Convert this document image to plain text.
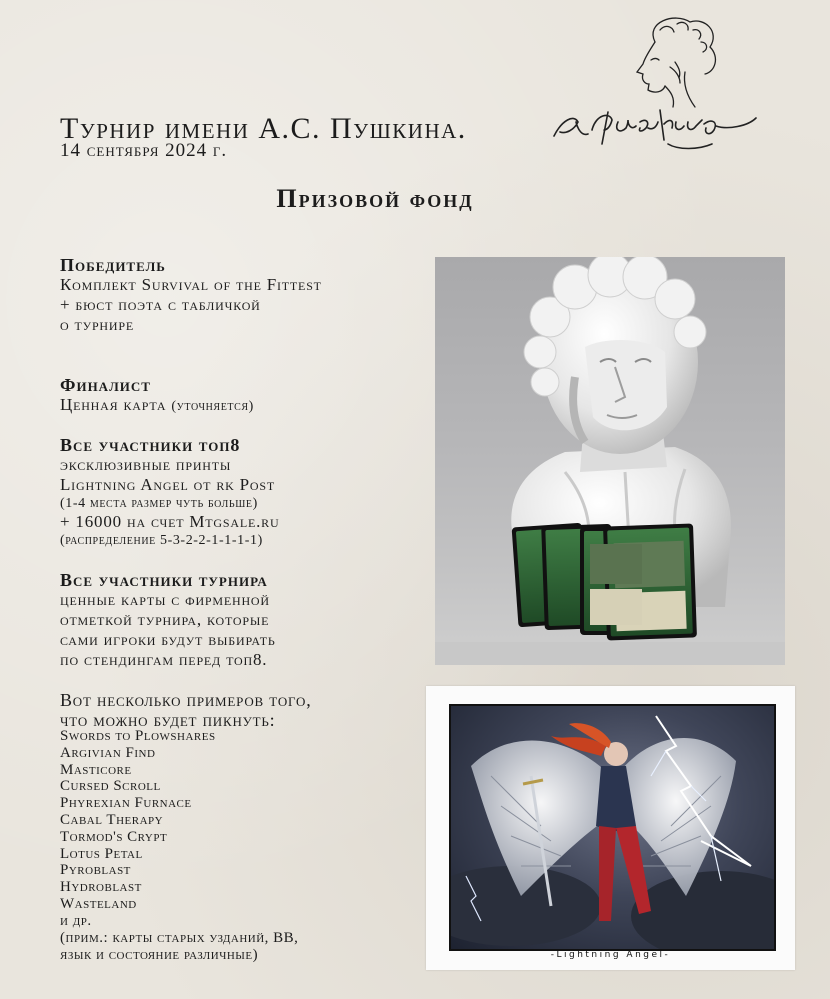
Турнир имени А.С. Пушкина.
14 сентября 2024 г.
Призовой фонд
Победитель
Комплект Survival of the Fittest
+ бюст поэта с табличкой
о турнире
Финалист
Ценная карта (уточняется)
Все участники топ8
эксклюзивные принты
Lightning Angel от rk Post
(1-4 места размер чуть больше)
+ 16000 на счет Mtgsale.ru
(распределение 5-3-2-2-1-1-1-1)
Все участники турнира
ценные карты с фирменной
отметкой турнира, которые
сами игроки будут выбирать
по стендингам перед топ8.
Вот несколько примеров того,
что можно будет пикнуть:
Swords to Plowshares
Argivian Find
Masticore
Cursed Scroll
Phyrexian Furnace
Cabal Therapy
Tormod's Crypt
Lotus Petal
Pyroblast
Hydroblast
Wasteland
и др.
(прим.: карты старых узданий, BB,
язык и состояние различные)	-Lightning Angel-
